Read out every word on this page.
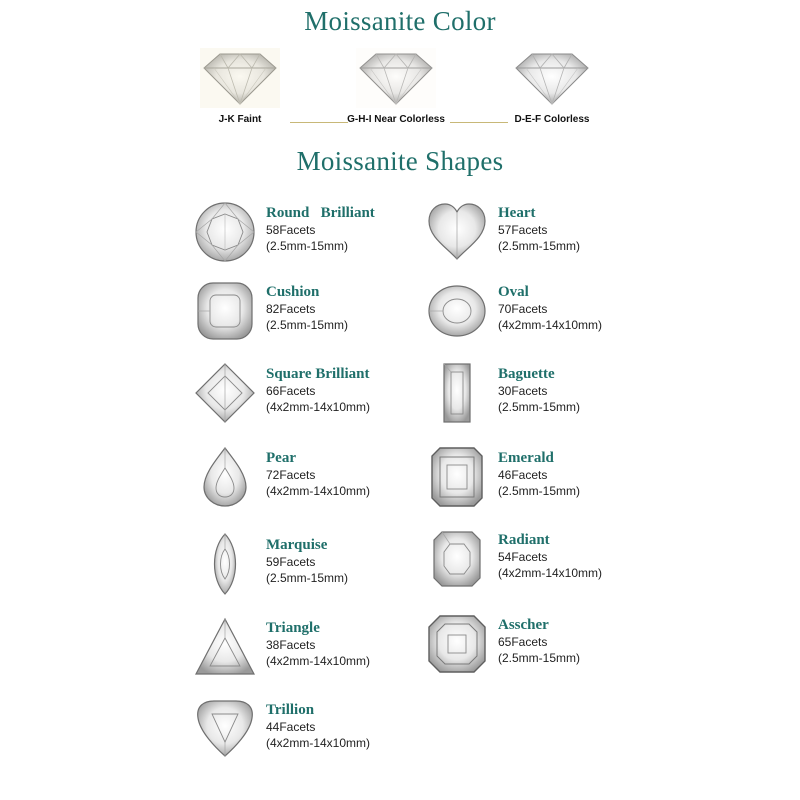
Moissanite Color
J-K Faint	G-H-I Near Colorless	D-E-F Colorless
Moissanite Shapes
Round   Brilliant
58Facets
(2.5mm-15mm)
Heart
57Facets
(2.5mm-15mm)
Cushion
82Facets
(2.5mm-15mm)
Oval
70Facets
(4x2mm-14x10mm)
Square Brilliant
66Facets
(4x2mm-14x10mm)
Baguette
30Facets
(2.5mm-15mm)
Pear
72Facets
(4x2mm-14x10mm)
Emerald
46Facets
(2.5mm-15mm)
Marquise
59Facets
(2.5mm-15mm)
Radiant
54Facets
(4x2mm-14x10mm)
Triangle
38Facets
(4x2mm-14x10mm)
Asscher
65Facets
(2.5mm-15mm)
Trillion
44Facets
(4x2mm-14x10mm)
